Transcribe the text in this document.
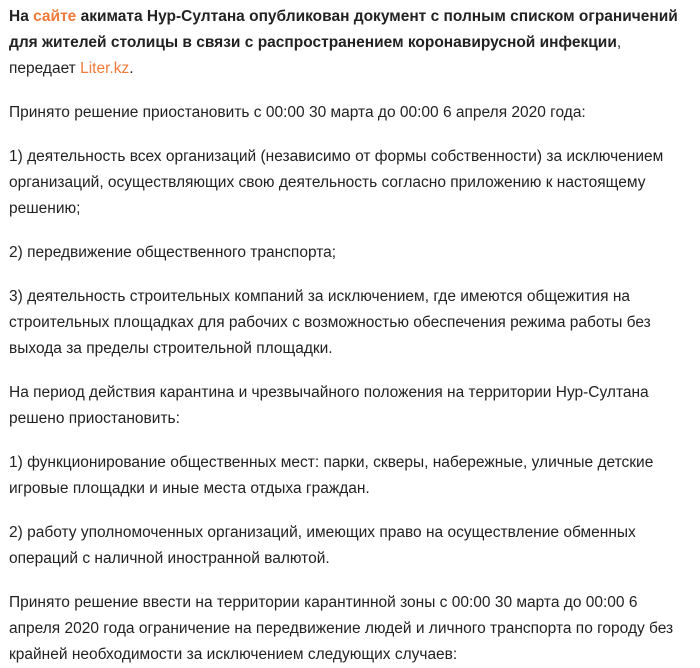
На сайте акимата Нур-Султана опубликован документ с полным списком ограничений для жителей столицы в связи с распространением коронавирусной инфекции, передает Liter.kz.

Принято решение приостановить с 00:00 30 марта до 00:00 6 апреля 2020 года:

1) деятельность всех организаций (независимо от формы собственности) за исключением организаций, осуществляющих свою деятельность согласно приложению к настоящему решению;

2) передвижение общественного транспорта;

3) деятельность строительных компаний за исключением, где имеются общежития на строительных площадках для рабочих с возможностью обеспечения режима работы без выхода за пределы строительной площадки.

На период действия карантина и чрезвычайного положения на территории Нур-Султана решено приостановить:

1) функционирование общественных мест: парки, скверы, набережные, уличные детские игровые площадки и иные места отдыха граждан.

2) работу уполномоченных организаций, имеющих право на осуществление обменных операций с наличной иностранной валютой.

Принято решение ввести на территории карантинной зоны с 00:00 30 марта до 00:00 6 апреля 2020 года ограничение на передвижение людей и личного транспорта по городу без крайней необходимости за исключением следующих случаев:
